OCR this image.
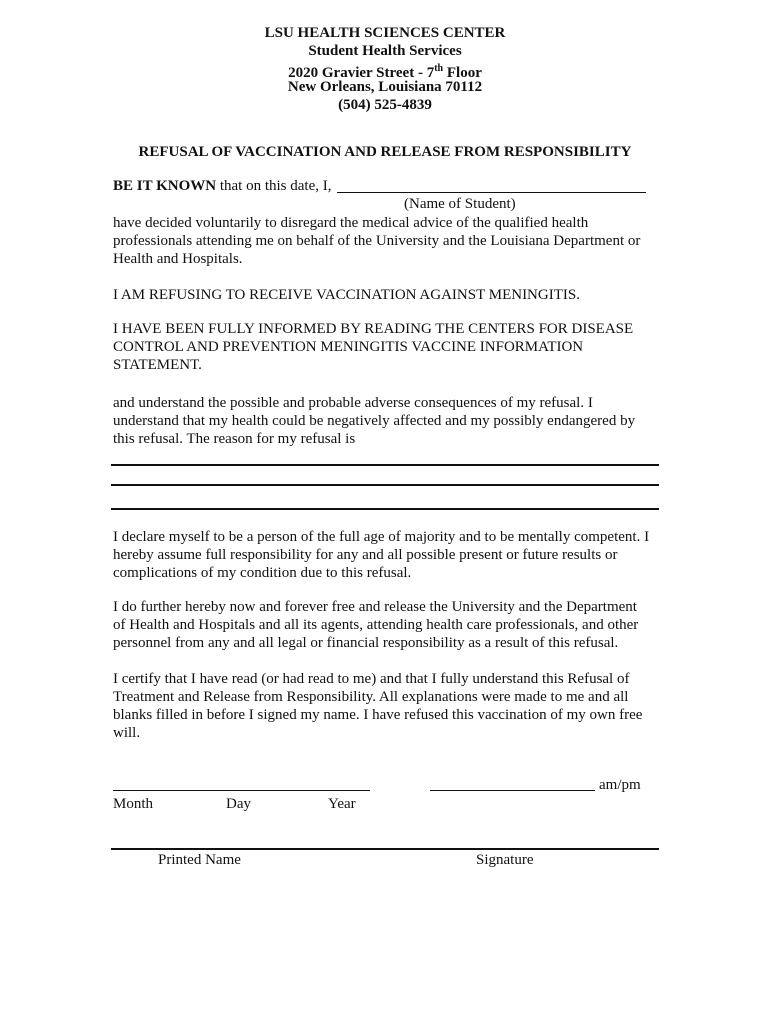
LSU HEALTH SCIENCES CENTER
Student Health Services
2020 Gravier Street - 7th Floor
New Orleans, Louisiana 70112
(504) 525-4839
REFUSAL OF VACCINATION AND RELEASE FROM RESPONSIBILITY
BE IT KNOWN that on this date, I,
(Name of Student)
have decided voluntarily to disregard the medical advice of the qualified health professionals attending me on behalf of the University and the Louisiana Department or Health and Hospitals.
I AM REFUSING TO RECEIVE VACCINATION AGAINST MENINGITIS.
I HAVE BEEN FULLY INFORMED BY READING THE CENTERS FOR DISEASE CONTROL AND PREVENTION MENINGITIS VACCINE INFORMATION STATEMENT.
and understand the possible and probable adverse consequences of my refusal. I understand that my health could be negatively affected and my possibly endangered by this refusal. The reason for my refusal is
I declare myself to be a person of the full age of majority and to be mentally competent. I hereby assume full responsibility for any and all possible present or future results or complications of my condition due to this refusal.
I do further hereby now and forever free and release the University and the Department of Health and Hospitals and all its agents, attending health care professionals, and other personnel from any and all legal or financial responsibility as a result of this refusal.
I certify that I have read (or had read to me) and that I fully understand this Refusal of Treatment and Release from Responsibility. All explanations were made to me and all blanks filled in before I signed my name. I have refused this vaccination of my own free will.
am/pm
Month	Day	Year
Printed Name	Signature
